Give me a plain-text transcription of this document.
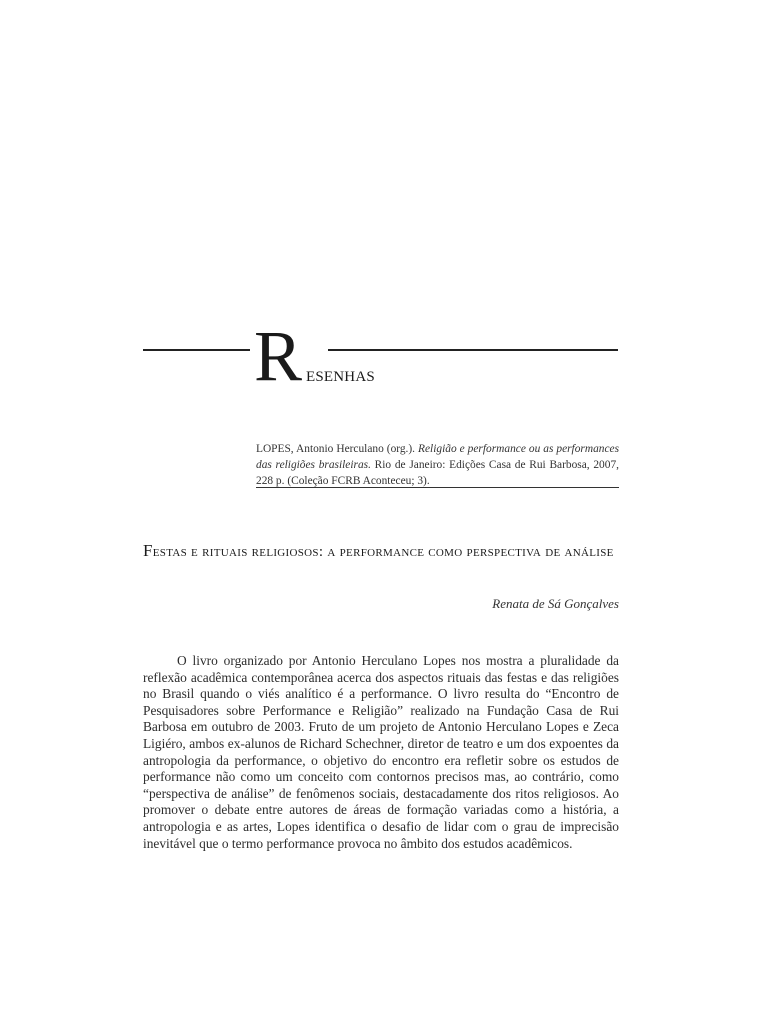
R ESENHAS
LOPES, Antonio Herculano (org.). Religião e performance ou as performances das religiões brasileiras. Rio de Janeiro: Edições Casa de Rui Barbosa, 2007, 228 p. (Coleção FCRB Aconteceu; 3).
Festas e rituais religiosos: a performance como perspectiva de análise
Renata de Sá Gonçalves

O livro organizado por Antonio Herculano Lopes nos mostra a pluralidade da reflexão acadêmica contemporânea acerca dos aspectos rituais das festas e das religiões no Brasil quando o viés analítico é a performance. O livro resulta do “Encontro de Pesquisadores sobre Performance e Religião” realizado na Fundação Casa de Rui Barbosa em outubro de 2003. Fruto de um projeto de Antonio Herculano Lopes e Zeca Ligiéro, ambos ex-alunos de Richard Schechner, diretor de teatro e um dos expoentes da antropologia da performance, o objetivo do encontro era refletir sobre os estudos de performance não como um conceito com contornos precisos mas, ao contrário, como “perspectiva de análise” de fenômenos sociais, destacadamente dos ritos religiosos. Ao promover o debate entre autores de áreas de formação variadas como a história, a antropologia e as artes, Lopes identifica o desafio de lidar com o grau de imprecisão inevitável que o termo performance provoca no âmbito dos estudos acadêmicos.
